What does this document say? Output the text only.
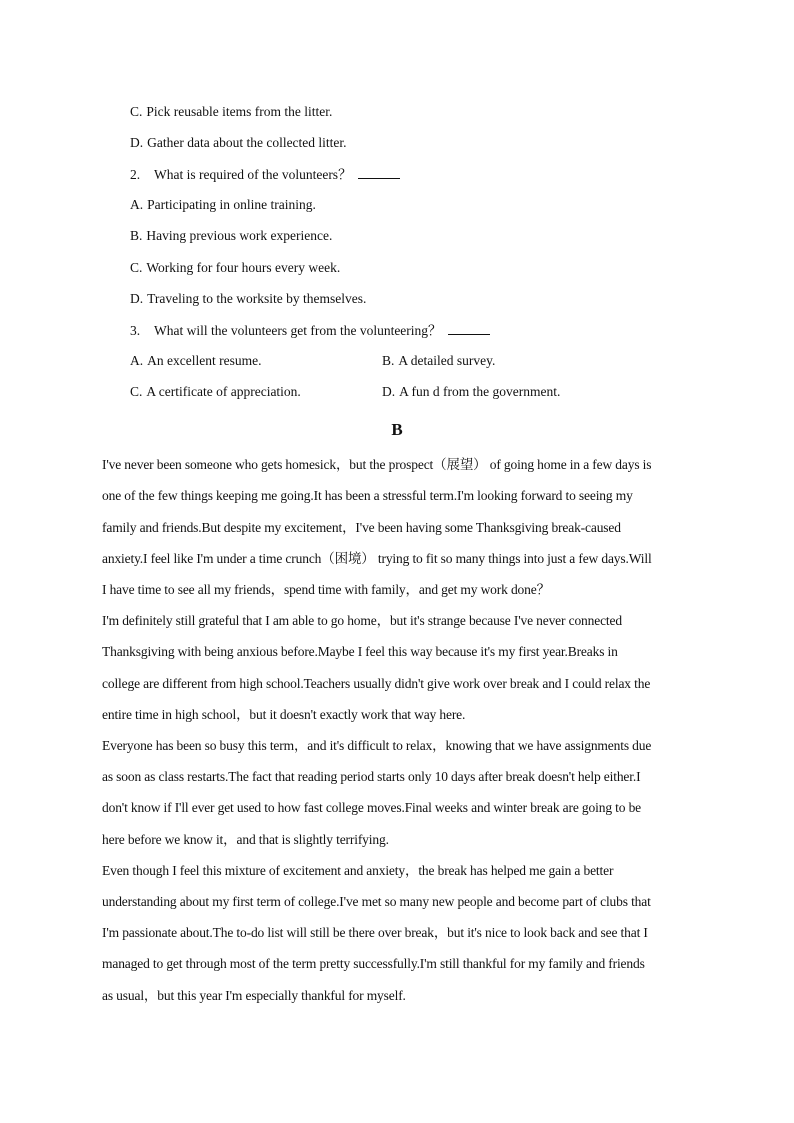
C. Pick reusable items from the litter.
D. Gather data about the collected litter.
2. What is required of the volunteers？
A. Participating in online training.
B. Having previous work experience.
C. Working for four hours every week.
D. Traveling to the worksite by themselves.
3. What will the volunteers get from the volunteering？
A. An excellent resume.	B. A detailed survey.
C. A certificate of appreciation.	D. A fun d from the government.
B
I've never been someone who gets homesick，but the prospect（展望） of going home in a few days is
one of the few things keeping me going.It has been a stressful term.I'm looking forward to seeing my
family and friends.But despite my excitement，I've been having some Thanksgiving break-caused
anxiety.I feel like I'm under a time crunch（困境） trying to fit so many things into just a few days.Will
I have time to see all my friends，spend time with family，and get my work done？
I'm definitely still grateful that I am able to go home，but it's strange because I've never connected
Thanksgiving with being anxious before.Maybe I feel this way because it's my first year.Breaks in
college are different from high school.Teachers usually didn't give work over break and I could relax the
entire time in high school，but it doesn't exactly work that way here.
Everyone has been so busy this term，and it's difficult to relax，knowing that we have assignments due
as soon as class restarts.The fact that reading period starts only 10 days after break doesn't help either.I
don't know if I'll ever get used to how fast college moves.Final weeks and winter break are going to be
here before we know it，and that is slightly terrifying.
Even though I feel this mixture of excitement and anxiety，the break has helped me gain a better
understanding about my first term of college.I've met so many new people and become part of clubs that
I'm passionate about.The to-do list will still be there over break，but it's nice to look back and see that I
managed to get through most of the term pretty successfully.I'm still thankful for my family and friends
as usual，but this year I'm especially thankful for myself.
